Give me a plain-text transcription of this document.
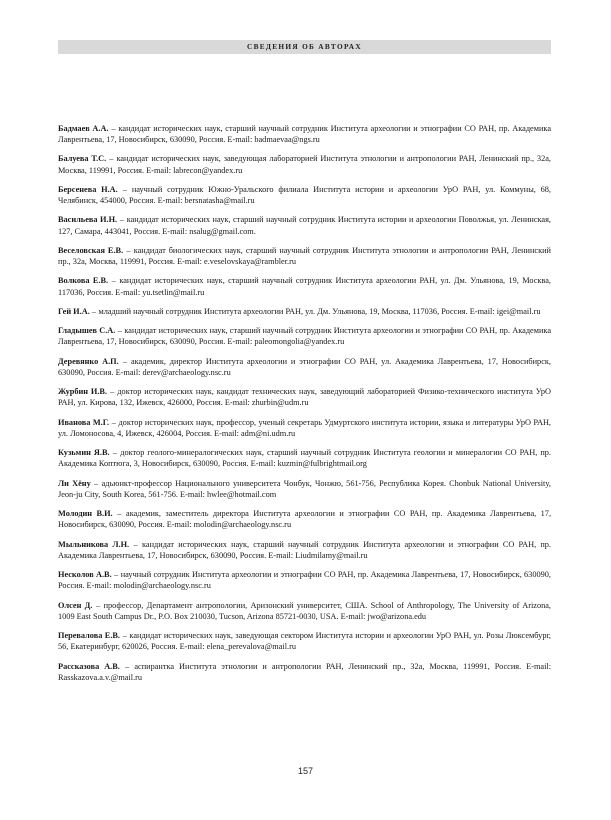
СВЕДЕНИЯ ОБ АВТОРАХ

Бадмаев А.А. – кандидат исторических наук, старший научный сотрудник Института археологии и этнографии СО РАН, пр. Академика Лаврентьева, 17, Новосибирск, 630090, Россия. E-mail: badmaevaa@ngs.ru

Балуева Т.С. – кандидат исторических наук, заведующая лабораторией Института этнологии и антропологии РАН, Ленинский пр., 32а, Москва, 119991, Россия. E-mail: labrecon@yandex.ru

Берсенева Н.А. – научный сотрудник Южно-Уральского филиала Института истории и археологии УрО РАН, ул. Коммуны, 68, Челябинск, 454000, Россия. E-mail: bersnatasha@mail.ru

Васильева И.Н. – кандидат исторических наук, старший научный сотрудник Института истории и археологии Поволжья, ул. Ленинская, 127, Самара, 443041, Россия. E-mail: nsalug@gmail.com.

Веселовская Е.В. – кандидат биологических наук, старший научный сотрудник Института этнологии и антропологии РАН, Ленинский пр., 32а, Москва, 119991, Россия. E-mail: e.veselovskaya@rambler.ru

Волкова Е.В. – кандидат исторических наук, старший научный сотрудник Института археологии РАН, ул. Дм. Ульянова, 19, Москва, 117036, Россия. E-mail: yu.tsetlin@mail.ru

Гей И.А. – младший научный сотрудник Института археологии РАН, ул. Дм. Ульянова, 19, Москва, 117036, Россия. E-mail: igei@mail.ru

Гладышев С.А. – кандидат исторических наук, старший научный сотрудник Института археологии и этнографии СО РАН, пр. Академика Лаврентьева, 17, Новосибирск, 630090, Россия. E-mail: paleomongolia@yandex.ru

Деревянко А.П. – академик, директор Института археологии и этнографии СО РАН, ул. Академика Лаврентьева, 17, Новосибирск, 630090, Россия. E-mail: derev@archaeology.nsc.ru

Журбин И.В. – доктор исторических наук, кандидат технических наук, заведующий лабораторией Физико-технического института УрО РАН, ул. Кирова, 132, Ижевск, 426000, Россия. E-mail: zhurbin@udm.ru

Иванова М.Г. – доктор исторических наук, профессор, ученый секретарь Удмуртского института истории, языка и литературы УрО РАН, ул. Ломоносова, 4, Ижевск, 426004, Россия. E-mail: adm@ni.udm.ru

Кузьмин Я.В. – доктор геолого-минералогических наук, старший научный сотрудник Института геологии и минералогии СО РАН, пр. Академика Коптюга, 3, Новосибирск, 630090, Россия. E-mail: kuzmin@fulbrightmail.org

Ли Хёну – адьюнкт-профессор Национального университета Чонбук, Чонжю, 561-756, Республика Корея. Chonbuk National University, Jeon-ju City, South Korea, 561-756. E-mail: hwlee@hotmail.com

Молодин В.И. – академик, заместитель директора Института археологии и этнографии СО РАН, пр. Академика Лаврентьева, 17, Новосибирск, 630090, Россия. E-mail: molodin@archaeology.nsc.ru

Мыльникова Л.Н. – кандидат исторических наук, старший научный сотрудник Института археологии и этнографии СО РАН, пр. Академика Лаврентьева, 17, Новосибирск, 630090, Россия. E-mail: Liudmilamy@mail.ru

Несколов А.В. – научный сотрудник Института археологии и этнографии СО РАН, пр. Академика Лаврентьева, 17, Новосибирск, 630090, Россия. E-mail: molodin@archaeology.nsc.ru

Олсен Д. – профессор, Департамент антропологии, Аризонский университет, США. School of Anthropology, The University of Arizona, 1009 East South Campus Dr., P.O. Box 210030, Tucson, Arizona 85721-0030, USA. E-mail: jwo@arizona.edu

Перевалова Е.В. – кандидат исторических наук, заведующая сектором Института истории и археологии УрО РАН, ул. Розы Люксембург, 56, Екатеринбург, 620026, Россия. E-mail: elena_perevalova@mail.ru

Рассказова А.В. – аспирантка Института этнологии и антропологии РАН, Ленинский пр., 32а, Москва, 119991, Россия. E-mail: Rasskazova.a.v.@mail.ru

157
